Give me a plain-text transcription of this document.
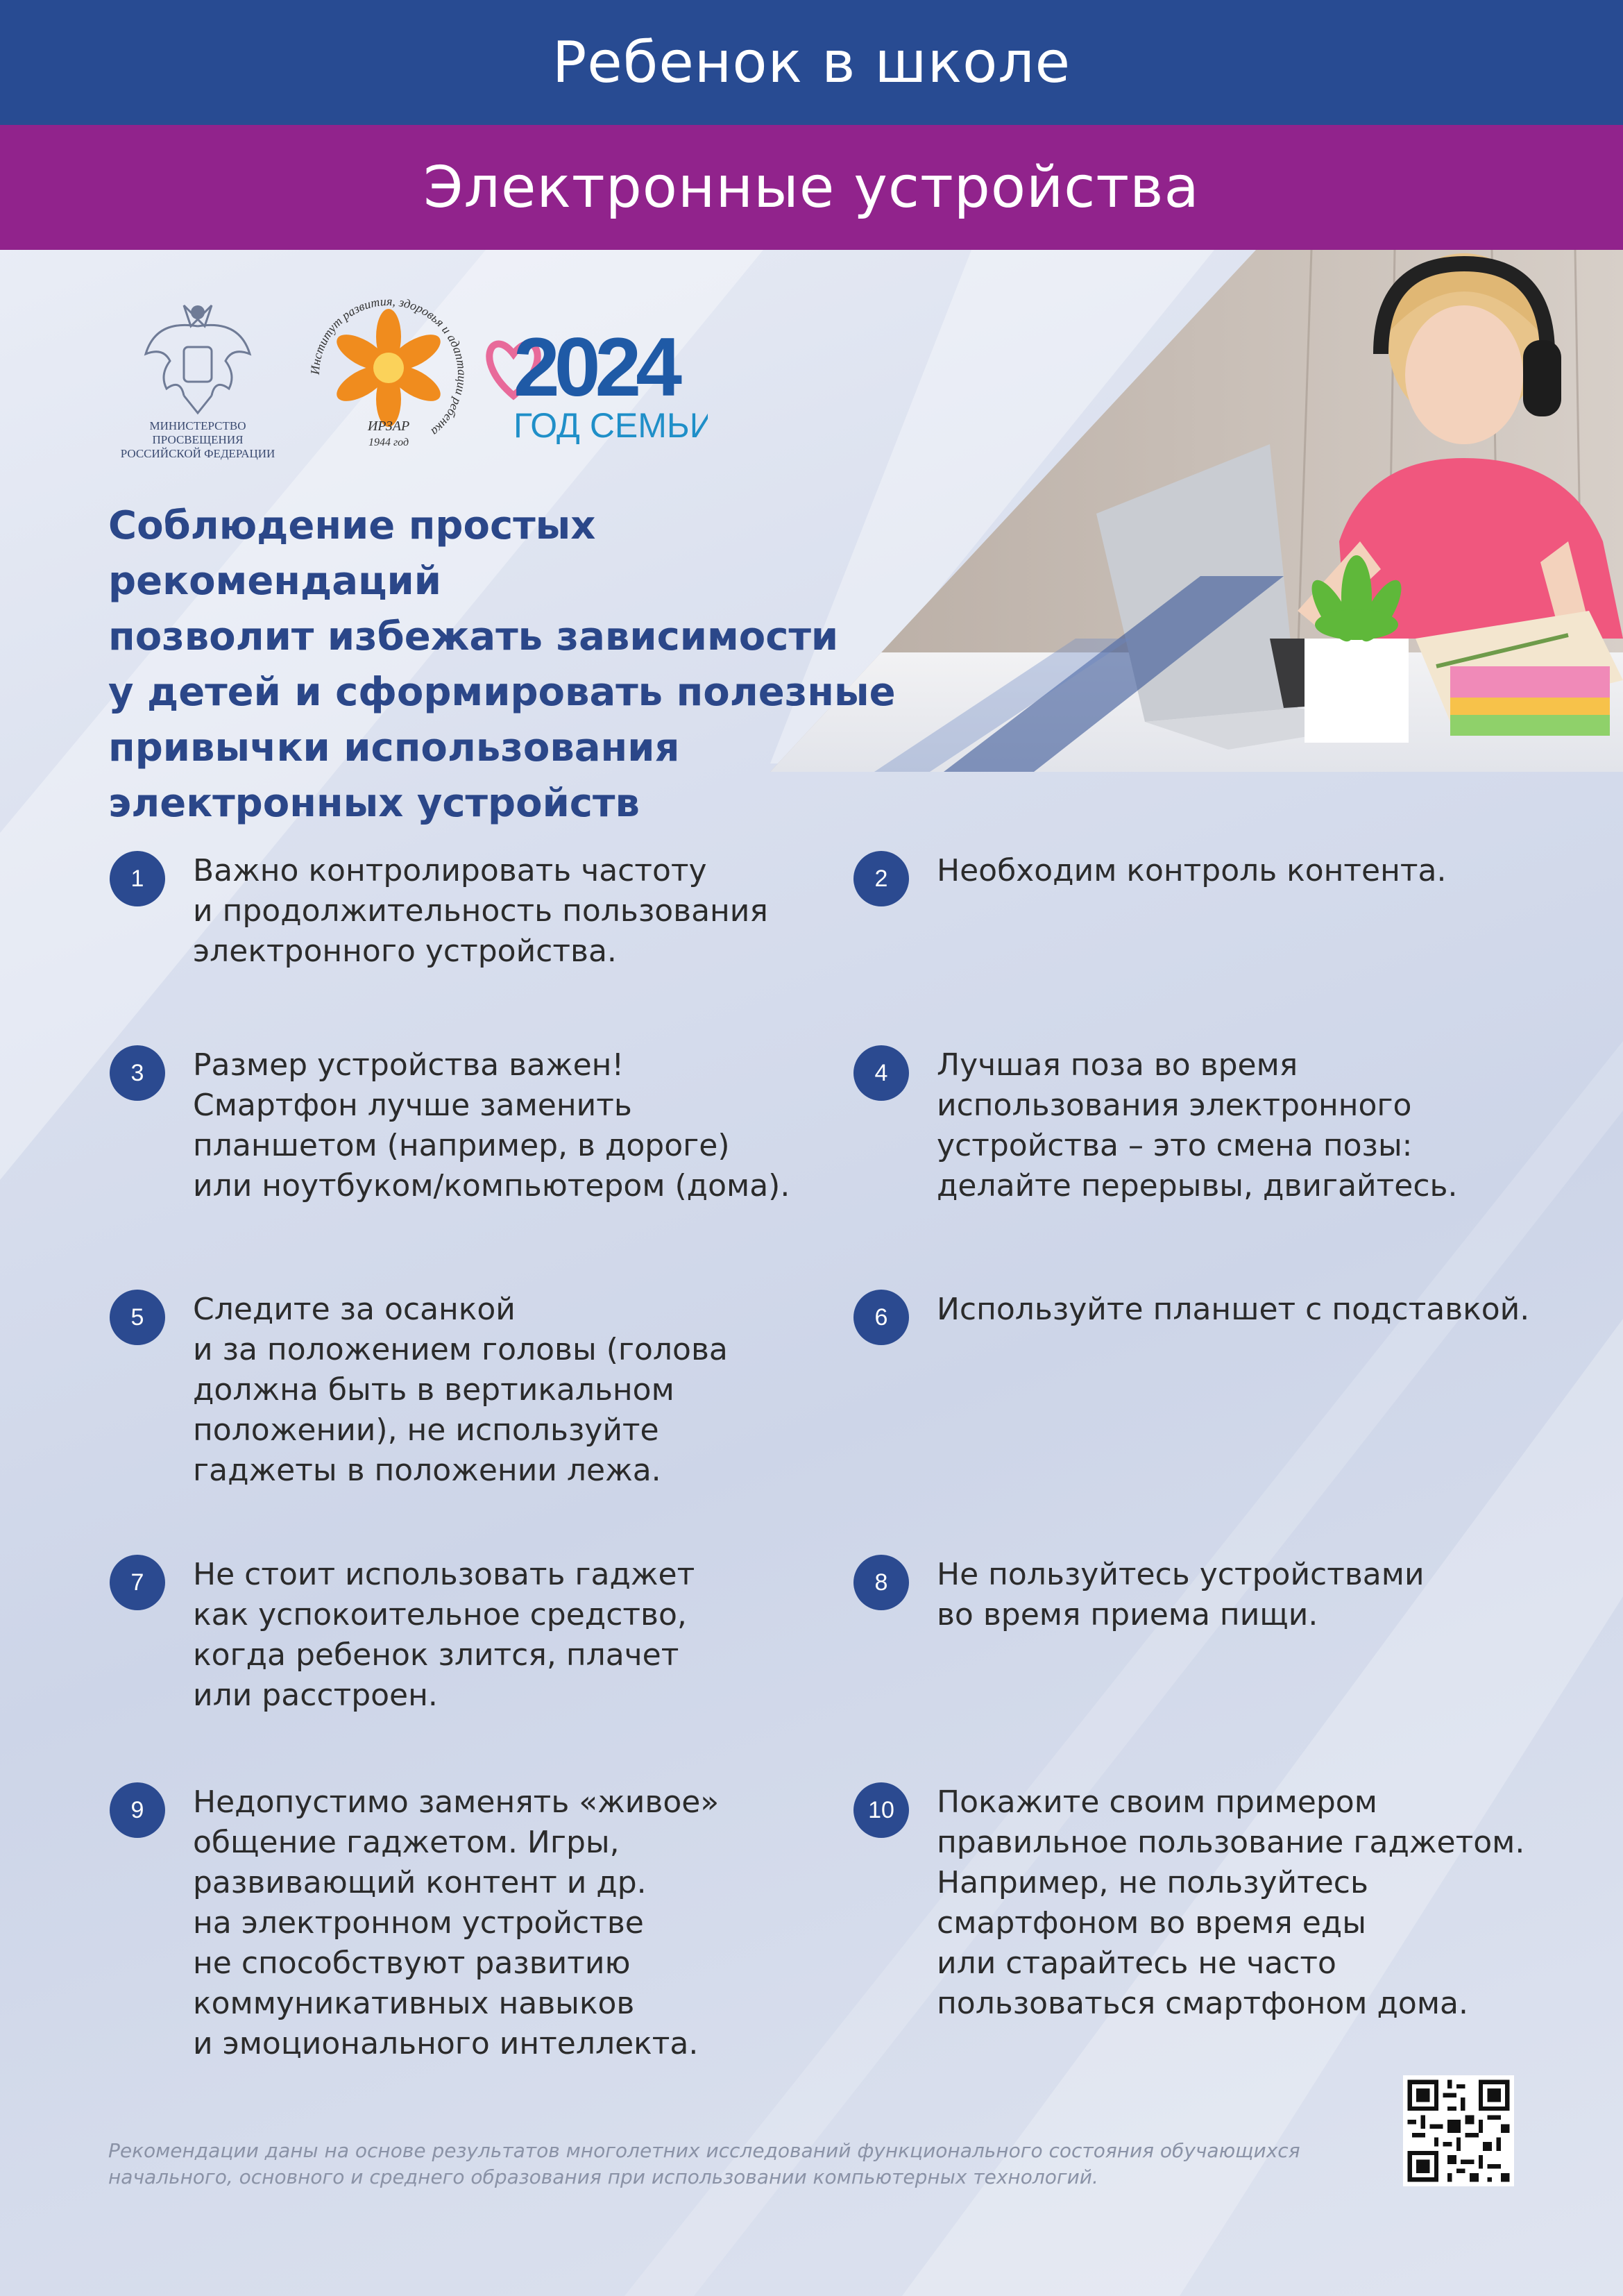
Ребенок в школе
Электронные устройства
МИНИСТЕРСТВО ПРОСВЕЩЕНИЯ
РОССИЙСКОЙ ФЕДЕРАЦИИ
Институт развития, здоровья и адаптации ребенка
ИРЗАР
1944 год
2024
ГОД СЕМЬИ
Соблюдение простых рекомендаций
позволит избежать зависимости
у детей и сформировать полезные
привычки использования
электронных устройств
1	Важно контролировать частоту
и продолжительность пользования
электронного устройства.
2	Необходим контроль контента.
3	Размер устройства важен!
Смартфон лучше заменить
планшетом (например, в дороге)
или ноутбуком/компьютером (дома).
4	Лучшая поза во время
использования электронного
устройства – это смена позы:
делайте перерывы, двигайтесь.
5	Следите за осанкой
и за положением головы (голова
должна быть в вертикальном
положении), не используйте
гаджеты в положении лежа.
6	Используйте планшет с подставкой.
7	Не стоит использовать гаджет
как успокоительное средство,
когда ребенок злится, плачет
или расстроен.
8	Не пользуйтесь устройствами
во время приема пищи.
9	Недопустимо заменять «живое»
общение гаджетом. Игры,
развивающий контент и др.
на электронном устройстве
не способствуют развитию
коммуникативных навыков
и эмоционального интеллекта.
10	Покажите своим примером
правильное пользование гаджетом.
Например, не пользуйтесь
смартфоном во время еды
или старайтесь не часто
пользоваться смартфоном дома.
Рекомендации даны на основе результатов многолетних исследований функционального состояния обучающихся
начального, основного и среднего образования при использовании компьютерных технологий.
